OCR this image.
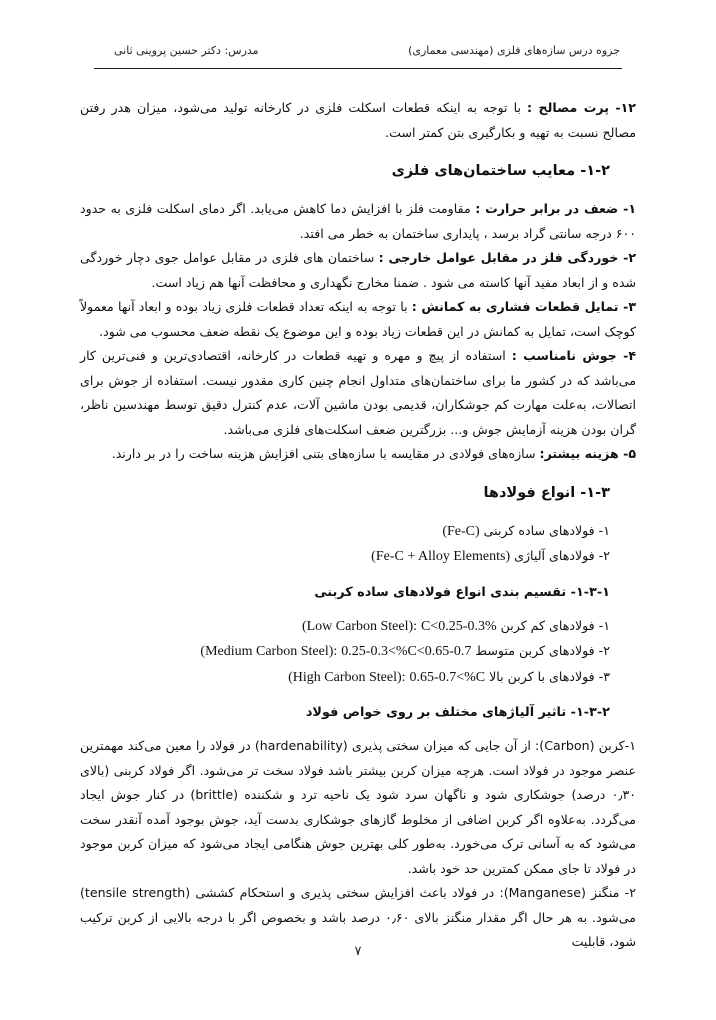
جزوه درس سازه‌های فلزی (مهندسی معماری)
مدرس: دکتر حسین پروینی ثانی

۱۲- پرت مصالح : با توجه به اینکه قطعات اسکلت فلزی در کارخانه تولید می‌شود، میزان هدر رفتن مصالح نسبت به تهیه و بکارگیری بتن کمتر است.

۱-۲- معایب ساختمان‌های فلزی

۱- ضعف در برابر حرارت : مقاومت فلز با افزایش دما کاهش می‌یابد. اگر دمای اسکلت فلزی به حدود ۶۰۰ درجه سانتی گراد برسد ، پایداری ساختمان به خطر می افتد.

۲- خوردگی فلز در مقابل عوامل خارجی : ساختمان های فلزی در مقابل عوامل جوی دچار خوردگی شده و از ابعاد مفید آنها کاسته می شود . ضمنا مخارج نگهداری و محافظت آنها هم زیاد است.

۳- تمایل قطعات فشاری به کمانش : با توجه به اینکه تعداد قطعات فلزی زیاد بوده و ابعاد آنها معمولاً کوچک است، تمایل به کمانش در این قطعات زیاد بوده و این موضوع یک نقطه ضعف محسوب می شود.

۴- جوش نامناسب : استفاده از پیچ و مهره و تهیه قطعات در کارخانه، اقتصادی‌ترین و فنی‌ترین کار می‌باشد که در کشور ما برای ساختمان‌های متداول انجام چنین کاری مقدور نیست. استفاده از جوش برای اتصالات، به‌علت مهارت کم جوشکاران، قدیمی بودن ماشین آلات، عدم کنترل دقیق توسط مهندسین ناظر، گران بودن هزینه آزمایش جوش و... بزرگترین ضعف اسکلت‌های فلزی می‌باشد.

۵- هزینه بیشتر: سازه‌های فولادی در مقایسه با سازه‌های بتنی افزایش هزینه ساخت را در بر دارند.

۱-۳- انواع فولادها

۱- فولادهای ساده کربنی (Fe-C)

۲- فولادهای آلیاژی (Fe-C + Alloy Elements)

۱-۳-۱- تقسیم بندی انواع فولادهای ساده کربنی

۱- فولادهای کم کربن (Low Carbon Steel): C<0.25-0.3%

۲- فولادهای کربن متوسط (Medium Carbon Steel): 0.25-0.3<%C<0.65-0.7

۳- فولادهای با کربن بالا (High Carbon Steel): 0.65-0.7<%C

۱-۳-۲- تاثیر آلیاژهای مختلف بر روی خواص فولاد

۱-کربن (Carbon): از آن جایی که میزان سختی پذیری (hardenability) در فولاد را معین می‌کند مهمترین عنصر موجود در فولاد است. هرچه میزان کربن بیشتر باشد فولاد سخت تر می‌شود. اگر فولاد کربنی (بالای ۰٫۳۰ درصد) جوشکاری شود و ناگهان سرد شود یک ناحیه ترد و شکننده (brittle) در کنار جوش ایجاد می‌گردد. به‌علاوه اگر کربن اضافی از مخلوط گازهای جوشکاری بدست آید، جوش بوجود آمده آنقدر سخت می‌شود که به آسانی ترک می‌خورد. به‌طور کلی بهترین جوش هنگامی ایجاد می‌شود که میزان کربن موجود در فولاد تا جای ممکن کمترین حد خود باشد.

۲- منگنز (Manganese): در فولاد باعث افزایش سختی پذیری و استحکام کششی (tensile strength) می‌شود. به هر حال اگر مقدار منگنز بالای ۰٫۶۰ درصد باشد و بخصوص اگر با درجه بالایی از کربن ترکیب شود، قابلیت

۷
